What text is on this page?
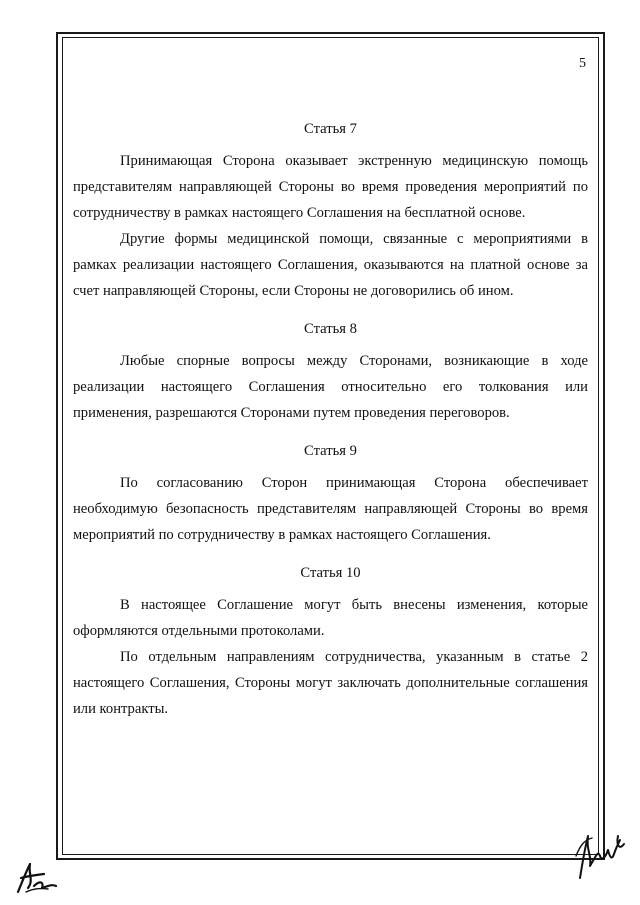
5
Статья 7

Принимающая Сторона оказывает экстренную медицинскую помощь представителям направляющей Стороны во время проведения мероприятий по сотрудничеству в рамках настоящего Соглашения на бесплатной основе.

Другие формы медицинской помощи, связанные с мероприятиями в рамках реализации настоящего Соглашения, оказываются на платной основе за счет направляющей Стороны, если Стороны не договорились об ином.

Статья 8

Любые спорные вопросы между Сторонами, возникающие в ходе реализации настоящего Соглашения относительно его толкования или применения, разрешаются Сторонами путем проведения переговоров.

Статья 9

По согласованию Сторон принимающая Сторона обеспечивает необходимую безопасность представителям направляющей Стороны во время мероприятий по сотрудничеству в рамках настоящего Соглашения.

Статья 10

В настоящее Соглашение могут быть внесены изменения, которые оформляются отдельными протоколами.

По отдельным направлениям сотрудничества, указанным в статье 2 настоящего Соглашения, Стороны могут заключать дополнительные соглашения или контракты.
